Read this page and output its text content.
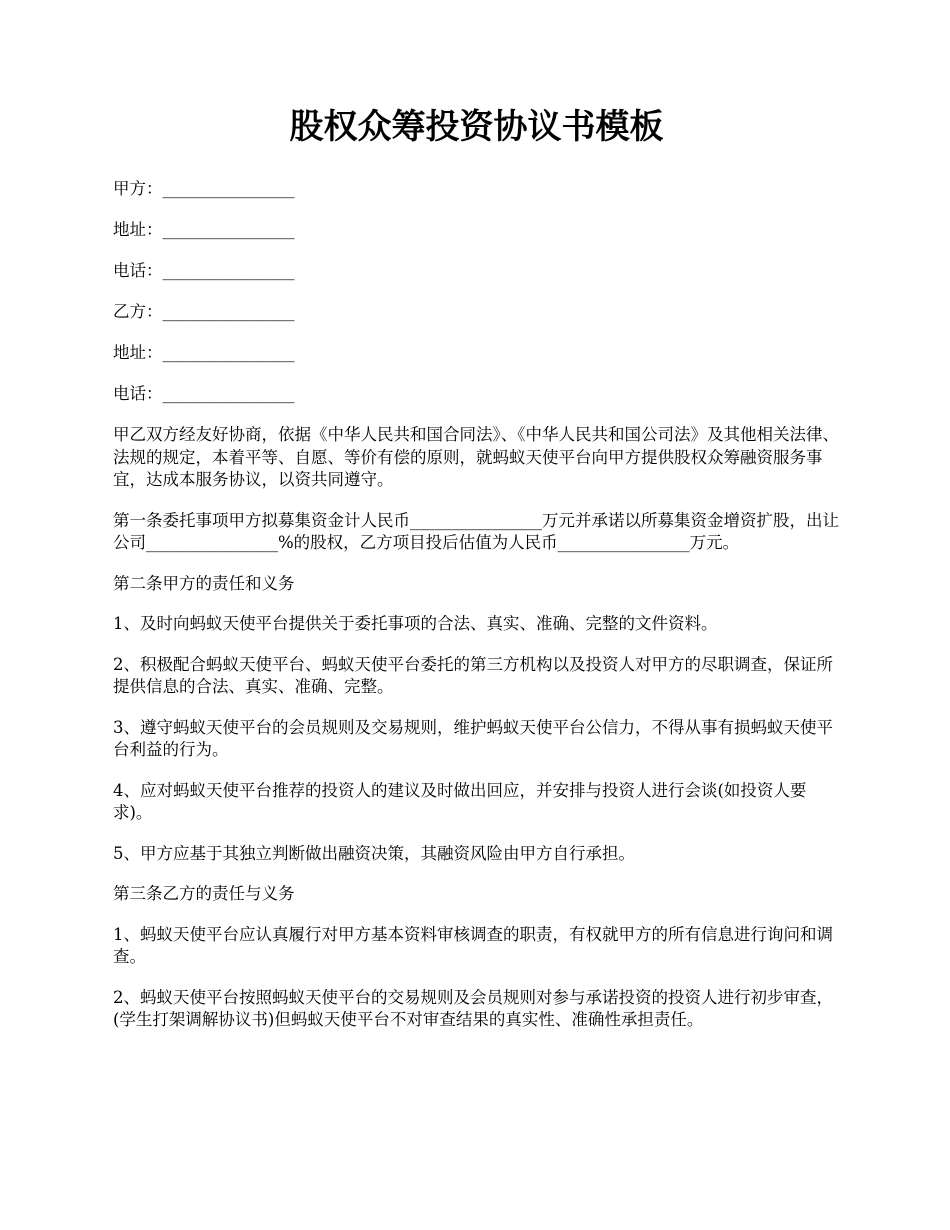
股权众筹投资协议书模板

甲方：________________

地址：________________

电话：________________

乙方：________________

地址：________________

电话：________________

甲乙双方经友好协商，依据《中华人民共和国合同法》、《中华人民共和国公司法》及其他相关法律、法规的规定，本着平等、自愿、等价有偿的原则，就蚂蚁天使平台向甲方提供股权众筹融资服务事宜，达成本服务协议，以资共同遵守。

第一条委托事项甲方拟募集资金计人民币________________万元并承诺以所募集资金增资扩股，出让公司________________%的股权，乙方项目投后估值为人民币________________万元。

第二条甲方的责任和义务

1、及时向蚂蚁天使平台提供关于委托事项的合法、真实、准确、完整的文件资料。

2、积极配合蚂蚁天使平台、蚂蚁天使平台委托的第三方机构以及投资人对甲方的尽职调查，保证所提供信息的合法、真实、准确、完整。

3、遵守蚂蚁天使平台的会员规则及交易规则，维护蚂蚁天使平台公信力，不得从事有损蚂蚁天使平台利益的行为。

4、应对蚂蚁天使平台推荐的投资人的建议及时做出回应，并安排与投资人进行会谈(如投资人要求)。

5、甲方应基于其独立判断做出融资决策，其融资风险由甲方自行承担。

第三条乙方的责任与义务

1、蚂蚁天使平台应认真履行对甲方基本资料审核调查的职责，有权就甲方的所有信息进行询问和调查。

2、蚂蚁天使平台按照蚂蚁天使平台的交易规则及会员规则对参与承诺投资的投资人进行初步审查，(学生打架调解协议书)但蚂蚁天使平台不对审查结果的真实性、准确性承担责任。
